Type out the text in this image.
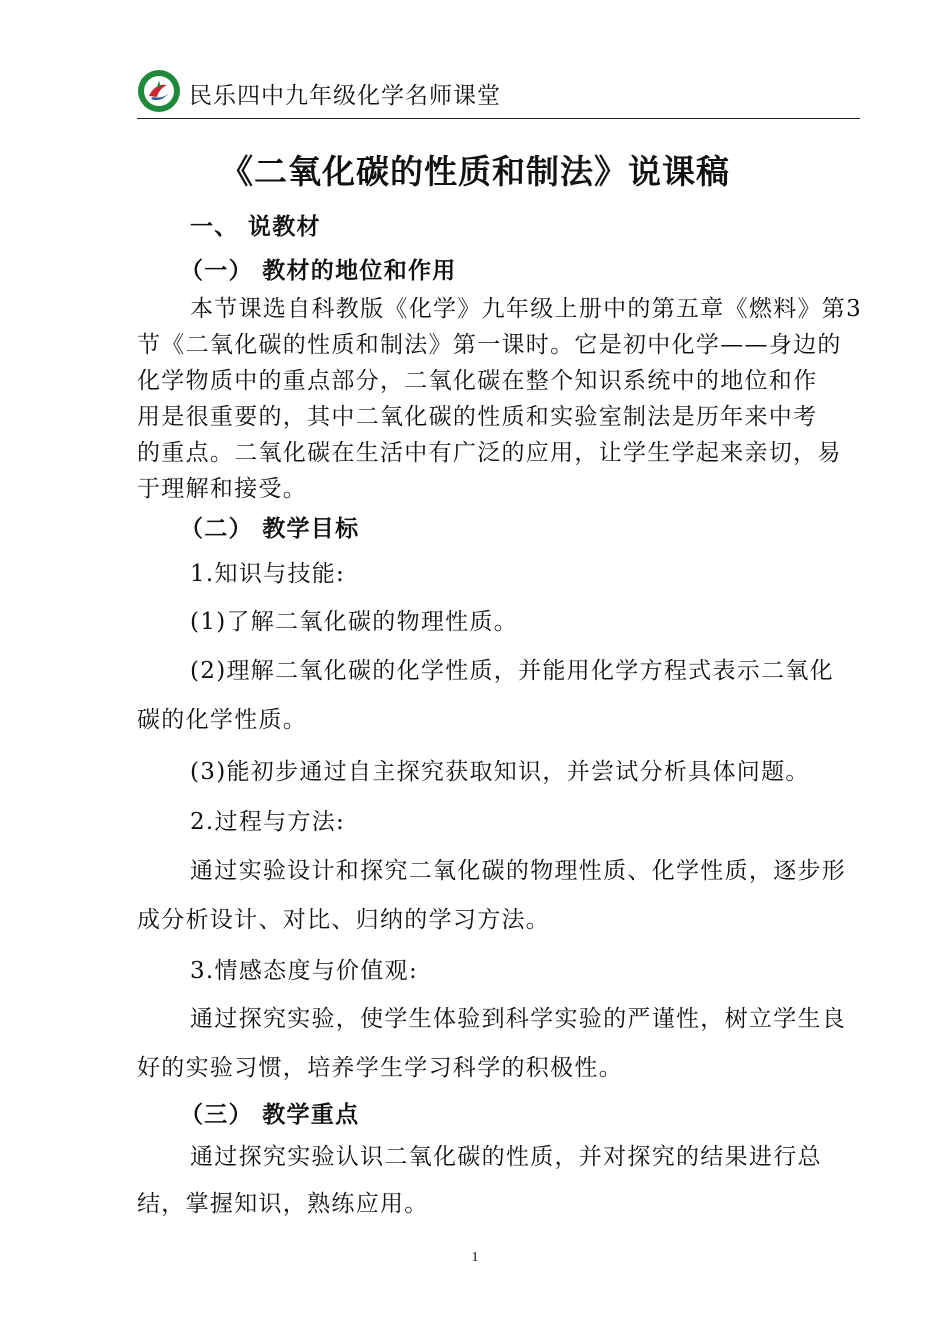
民乐四中九年级化学名师课堂
《二氧化碳的性质和制法》说课稿
一、 说教材
（一） 教材的地位和作用
本节课选自科教版《化学》九年级上册中的第五章《燃料》第3
节《二氧化碳的性质和制法》第一课时。它是初中化学——身边的
化学物质中的重点部分，二氧化碳在整个知识系统中的地位和作
用是很重要的，其中二氧化碳的性质和实验室制法是历年来中考
的重点。二氧化碳在生活中有广泛的应用，让学生学起来亲切，易
于理解和接受。
（二） 教学目标
1.知识与技能:
(1)了解二氧化碳的物理性质。
(2)理解二氧化碳的化学性质，并能用化学方程式表示二氧化
碳的化学性质。
(3)能初步通过自主探究获取知识，并尝试分析具体问题。
2.过程与方法:
通过实验设计和探究二氧化碳的物理性质、化学性质，逐步形
成分析设计、对比、归纳的学习方法。
3.情感态度与价值观:
通过探究实验，使学生体验到科学实验的严谨性，树立学生良
好的实验习惯，培养学生学习科学的积极性。
（三） 教学重点
通过探究实验认识二氧化碳的性质，并对探究的结果进行总
结，掌握知识，熟练应用。
1
